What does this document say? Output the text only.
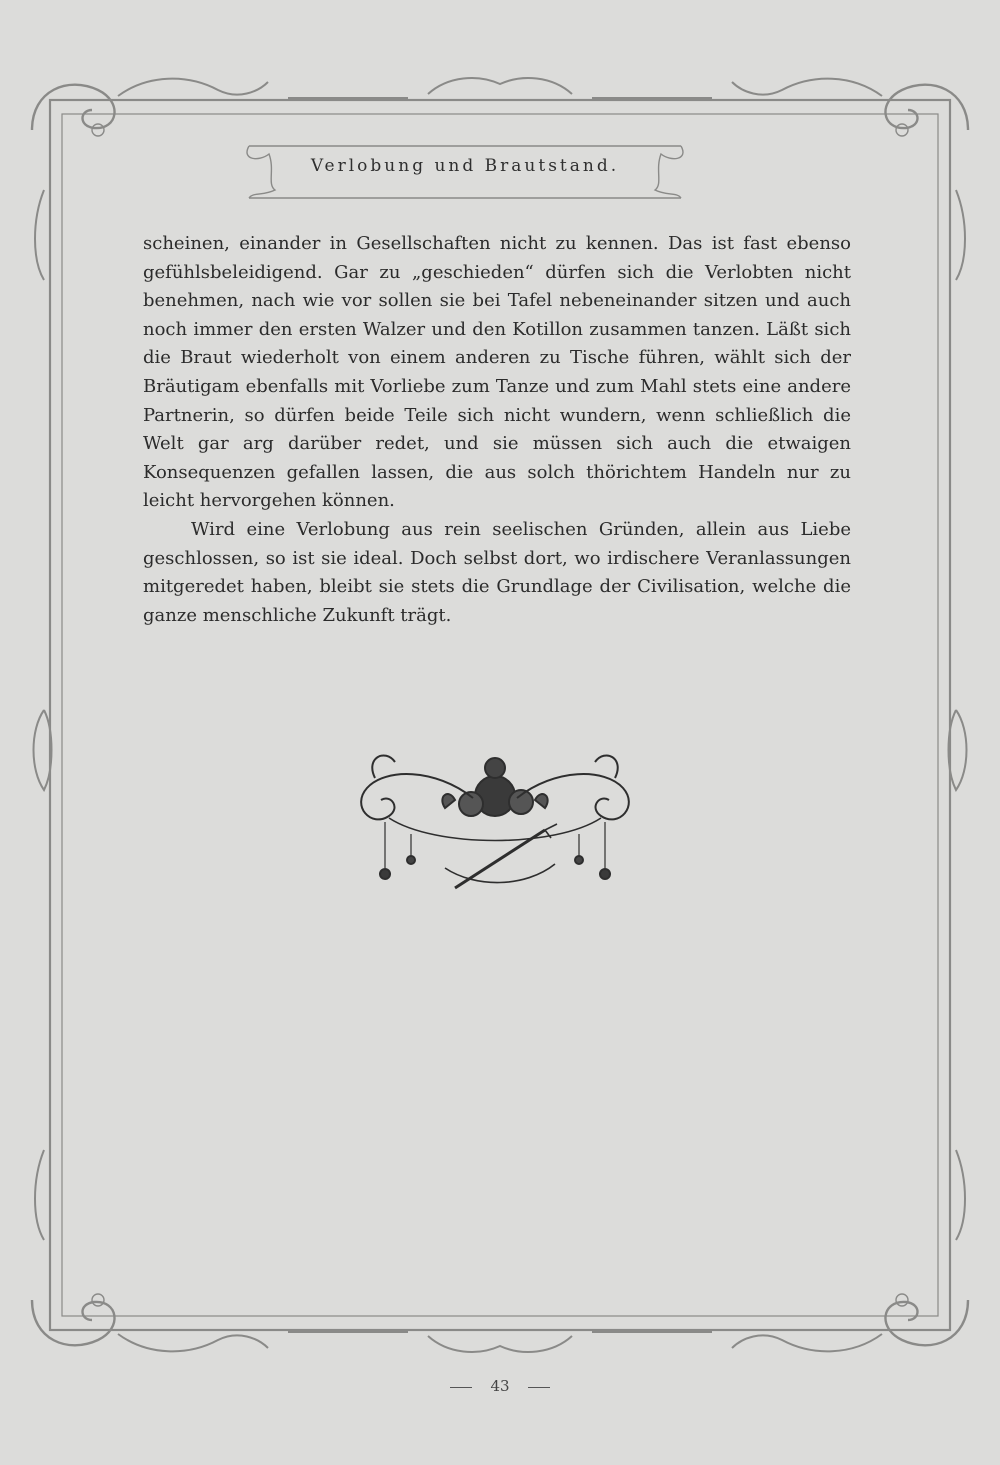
Verlobung und Brautstand.

scheinen, einander in Gesellschaften nicht zu kennen. Das ist fast ebenso gefühlsbeleidigend. Gar zu „geschieden“ dürfen sich die Verlobten nicht benehmen, nach wie vor sollen sie bei Tafel nebeneinander sitzen und auch noch immer den ersten Walzer und den Kotillon zusammen tanzen. Läßt sich die Braut wiederholt von einem anderen zu Tische führen, wählt sich der Bräutigam ebenfalls mit Vorliebe zum Tanze und zum Mahl stets eine andere Partnerin, so dürfen beide Teile sich nicht wundern, wenn schließlich die Welt gar arg darüber redet, und sie müssen sich auch die etwaigen Konsequenzen gefallen lassen, die aus solch thörichtem Handeln nur zu leicht hervorgehen können.

Wird eine Verlobung aus rein seelischen Gründen, allein aus Liebe geschlossen, so ist sie ideal. Doch selbst dort, wo irdischere Veranlassungen mitgeredet haben, bleibt sie stets die Grundlage der Civilisation, welche die ganze menschliche Zukunft trägt.

43
